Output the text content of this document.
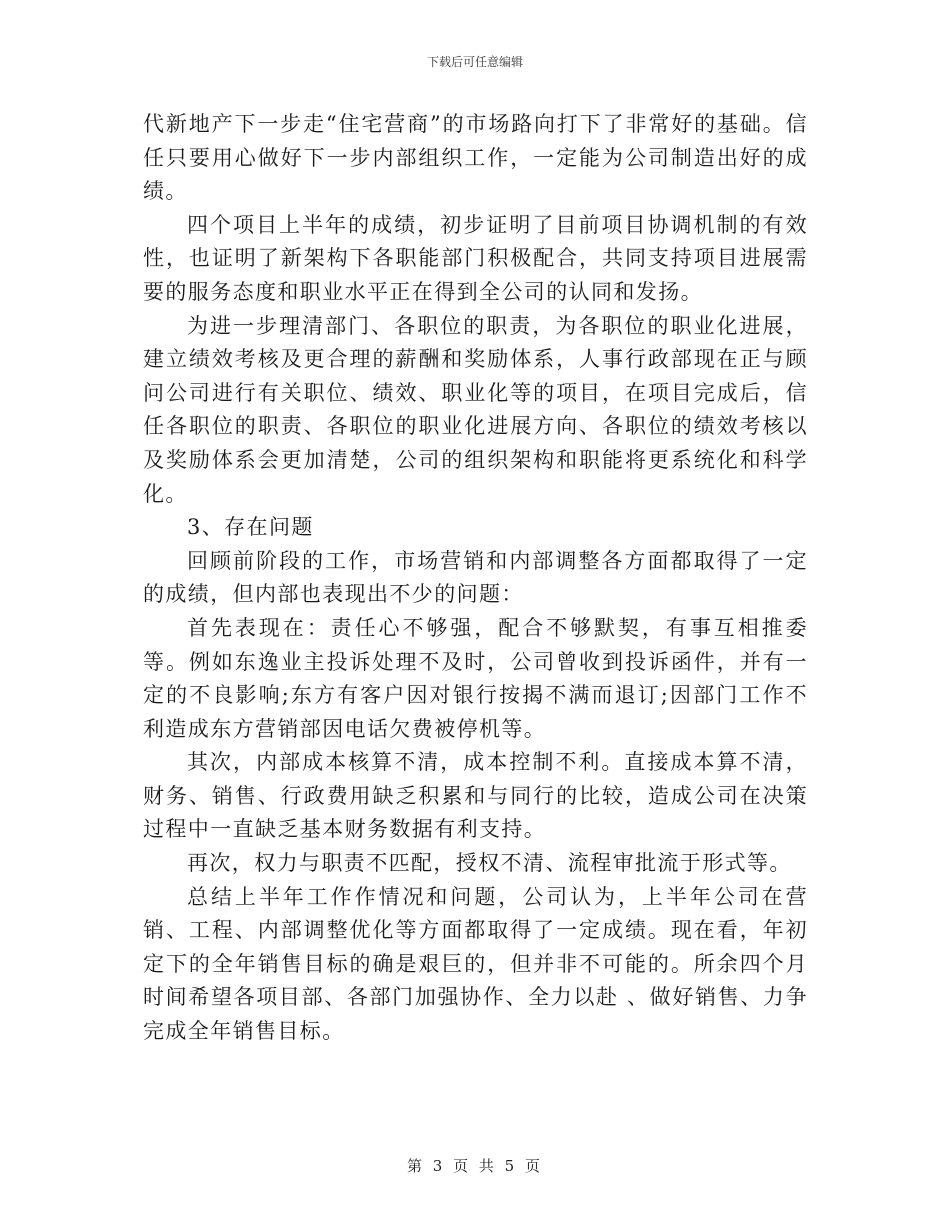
下载后可任意编辑

代新地产下一步走“住宅营商”的市场路向打下了非常好的基础。信任只要用心做好下一步内部组织工作，一定能为公司制造出好的成绩。

四个项目上半年的成绩，初步证明了目前项目协调机制的有效性，也证明了新架构下各职能部门积极配合，共同支持项目进展需要的服务态度和职业水平正在得到全公司的认同和发扬。

为进一步理清部门、各职位的职责，为各职位的职业化进展，建立绩效考核及更合理的薪酬和奖励体系，人事行政部现在正与顾问公司进行有关职位、绩效、职业化等的项目，在项目完成后，信任各职位的职责、各职位的职业化进展方向、各职位的绩效考核以及奖励体系会更加清楚，公司的组织架构和职能将更系统化和科学化。

3、存在问题

回顾前阶段的工作，市场营销和内部调整各方面都取得了一定的成绩，但内部也表现出不少的问题：

首先表现在：责任心不够强，配合不够默契，有事互相推委等。例如东逸业主投诉处理不及时，公司曾收到投诉函件，并有一定的不良影响;东方有客户因对银行按揭不满而退订;因部门工作不利造成东方营销部因电话欠费被停机等。

其次，内部成本核算不清，成本控制不利。直接成本算不清，财务、销售、行政费用缺乏积累和与同行的比较，造成公司在决策过程中一直缺乏基本财务数据有利支持。

再次，权力与职责不匹配，授权不清、流程审批流于形式等。

总结上半年工作作情况和问题，公司认为，上半年公司在营销、工程、内部调整优化等方面都取得了一定成绩。现在看，年初定下的全年销售目标的确是艰巨的，但并非不可能的。所余四个月时间希望各项目部、各部门加强协作、全力以赴 、做好销售、力争完成全年销售目标。

第 3 页 共 5 页
